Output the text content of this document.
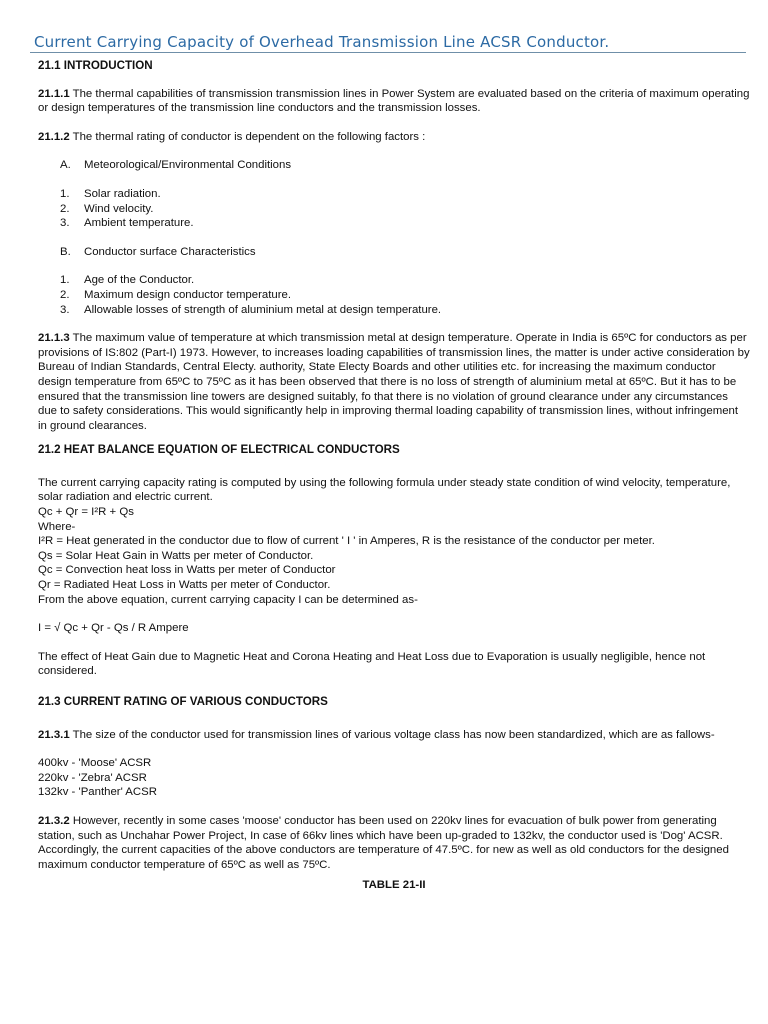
Current Carrying Capacity of Overhead Transmission Line ACSR Conductor.
21.1 INTRODUCTION

21.1.1 The thermal capabilities of transmission transmission lines in Power System are evaluated based on the criteria of maximum operating or design temperatures of the transmission line conductors and the transmission losses.

21.1.2 The thermal rating of conductor is dependent on the following factors :

A.	Meteorological/Environmental Conditions
1.	Solar radiation.
2.	Wind velocity.
3.	Ambient temperature.
B.	Conductor surface Characteristics
1.	Age of the Conductor.
2.	Maximum design conductor temperature.
3.	Allowable losses of strength of aluminium metal at design temperature.

21.1.3 The maximum value of temperature at which transmission metal at design temperature. Operate in India is 65ºC for conductors as per provisions of IS:802 (Part-I) 1973. However, to increases loading capabilities of transmission lines, the matter is under active consideration by Bureau of Indian Standards, Central Electy. authority, State Electy Boards and other utilities etc. for increasing the maximum conductor design temperature from 65ºC to 75ºC as it has been observed that there is no loss of strength of aluminium metal at 65ºC. But it has to be ensured that the transmission line towers are designed suitably, fo that there is no violation of ground clearance under any circumstances due to safety considerations. This would significantly help in improving thermal loading capability of transmission lines, without infringement in ground clearances.

21.2 HEAT BALANCE EQUATION OF ELECTRICAL CONDUCTORS
The current carrying capacity rating is computed by using the following formula under steady state condition of wind velocity, temperature, solar radiation and electric current.
Qc + Qr = I²R + Qs
Where-
I²R = Heat generated in the conductor due to flow of current ' I ' in Amperes, R is the resistance of the conductor per meter.
Qs = Solar Heat Gain in Watts per meter of Conductor.
Qc = Convection heat loss in Watts per meter of Conductor
Qr = Radiated Heat Loss in Watts per meter of Conductor.
From the above equation, current carrying capacity I can be determined as-

I = √ Qc + Qr - Qs / R Ampere

The effect of Heat Gain due to Magnetic Heat and Corona Heating and Heat Loss due to Evaporation is usually negligible, hence not considered.

21.3 CURRENT RATING OF VARIOUS CONDUCTORS

21.3.1 The size of the conductor used for transmission lines of various voltage class has now been standardized, which are as fallows-

400kv - 'Moose' ACSR
220kv - 'Zebra' ACSR
132kv - 'Panther' ACSR

21.3.2 However, recently in some cases 'moose' conductor has been used on 220kv lines for evacuation of bulk power from generating station, such as Unchahar Power Project, In case of 66kv lines which have been up-graded to 132kv, the conductor used is 'Dog' ACSR. Accordingly, the current capacities of the above conductors are temperature of 47.5ºC. for new as well as old conductors for the designed maximum conductor temperature of 65ºC as well as 75ºC.

TABLE 21-II
